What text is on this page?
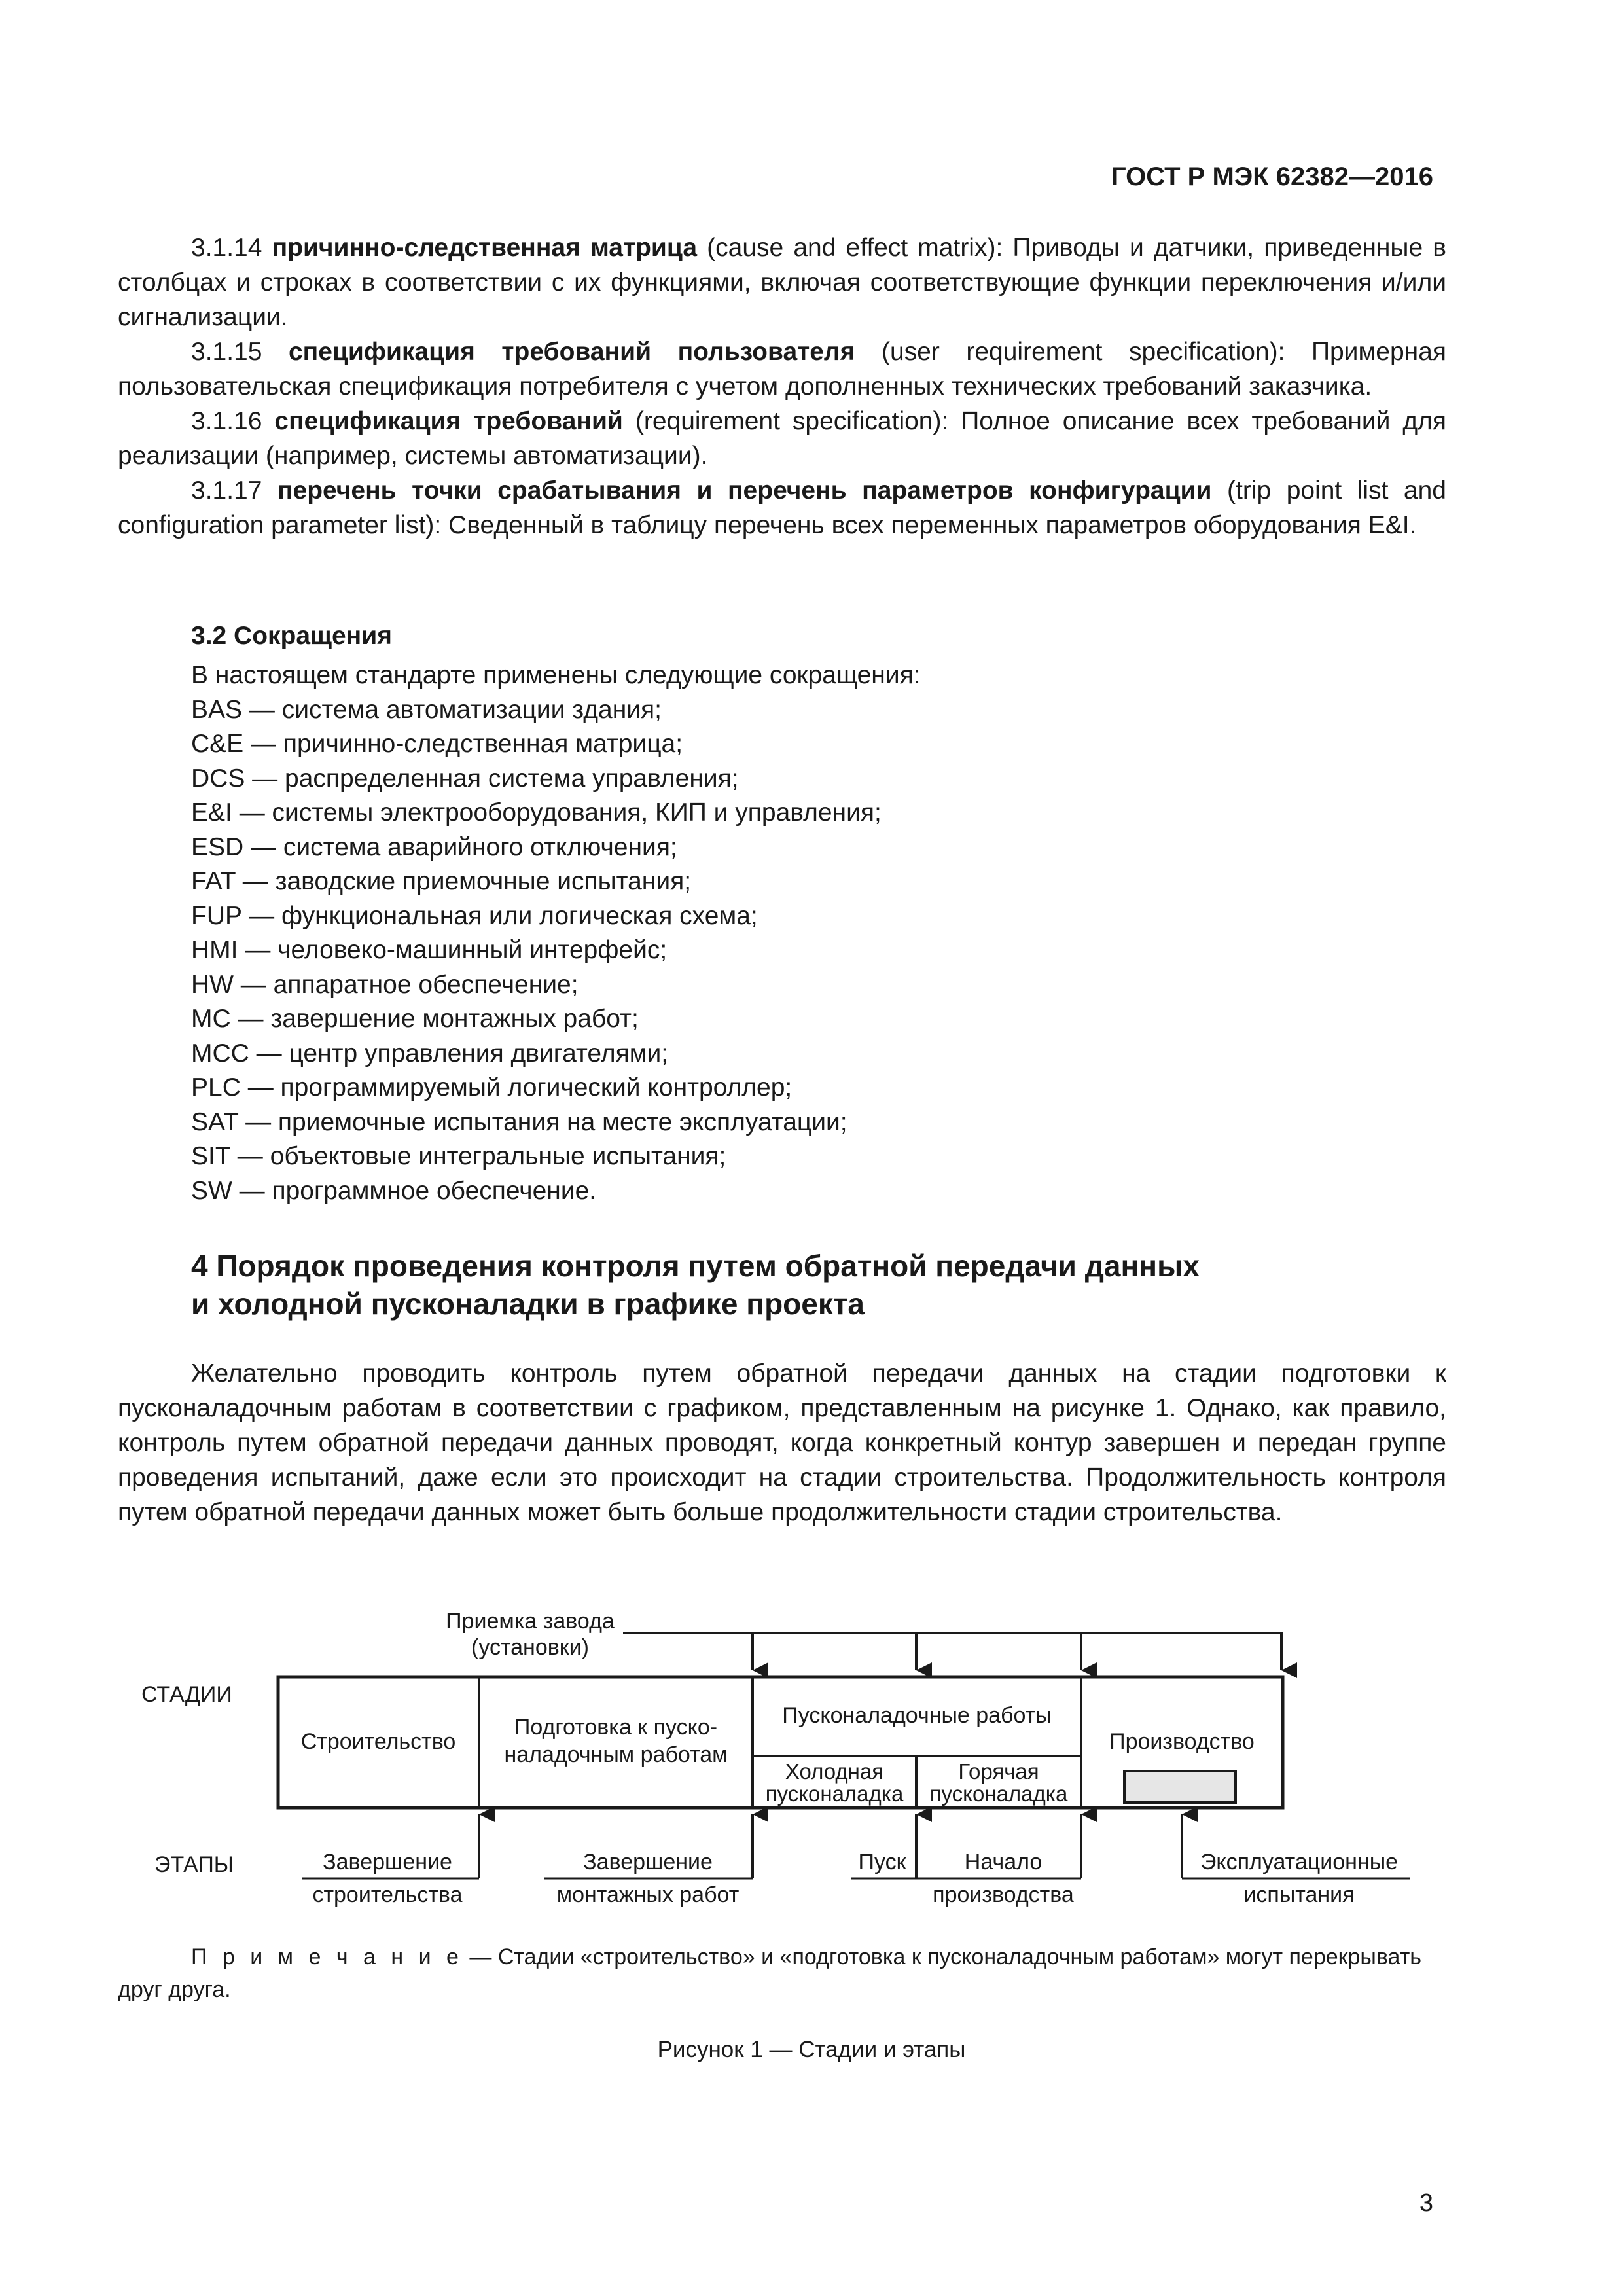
ГОСТ Р МЭК 62382—2016

3.1.14 причинно-следственная матрица (cause and effect matrix): Приводы и датчики, приведенные в столбцах и строках в соответствии с их функциями, включая соответствующие функции переключения и/или сигнализации.

3.1.15 спецификация требований пользователя (user requirement specification): Примерная пользовательская спецификация потребителя с учетом дополненных технических требований заказчика.

3.1.16 спецификация требований (requirement specification): Полное описание всех требований для реализации (например, системы автоматизации).

3.1.17 перечень точки срабатывания и перечень параметров конфигурации (trip point list and configuration parameter list): Сведенный в таблицу перечень всех переменных параметров оборудования E&I.

3.2 Сокращения
В настоящем стандарте применены следующие сокращения:
BAS — система автоматизации здания;
C&E — причинно-следственная матрица;
DCS — распределенная система управления;
E&I — системы электрооборудования, КИП и управления;
ESD — система аварийного отключения;
FAT — заводские приемочные испытания;
FUP — функциональная или логическая схема;
HMI — человеко-машинный интерфейс;
HW — аппаратное обеспечение;
MC — завершение монтажных работ;
MCC — центр управления двигателями;
PLC — программируемый логический контроллер;
SAT — приемочные испытания на месте эксплуатации;
SIT — объектовые интегральные испытания;
SW — программное обеспечение.
4 Порядок проведения контроля путем обратной передачи данных
и холодной пусконаладки в графике проекта

Желательно проводить контроль путем обратной передачи данных на стадии подготовки к пусконаладочным работам в соответствии с графиком, представленным на рисунке 1. Однако, как правило, контроль путем обратной передачи данных проводят, когда конкретный контур завершен и передан группе проведения испытаний, даже если это происходит на стадии строительства. Продолжительность контроля путем обратной передачи данных может быть больше продолжительности стадии строительства.

Приемка завода
(установки)
СТАДИИ
ЭТАПЫ
Строительство
Подготовка к пуско-
наладочным работам
Пусконаладочные работы
Холодная
пусконаладка
Горячая
пусконаладка
Производство
Завершение
строительства
Завершение
монтажных работ
Пуск	Начало
производства
Эксплуатационные
испытания

П р и м е ч а н и е — Стадии «строительство» и «подготовка к пусконаладочным работам» могут перекрывать друг друга.

Рисунок 1 — Стадии и этапы
3
